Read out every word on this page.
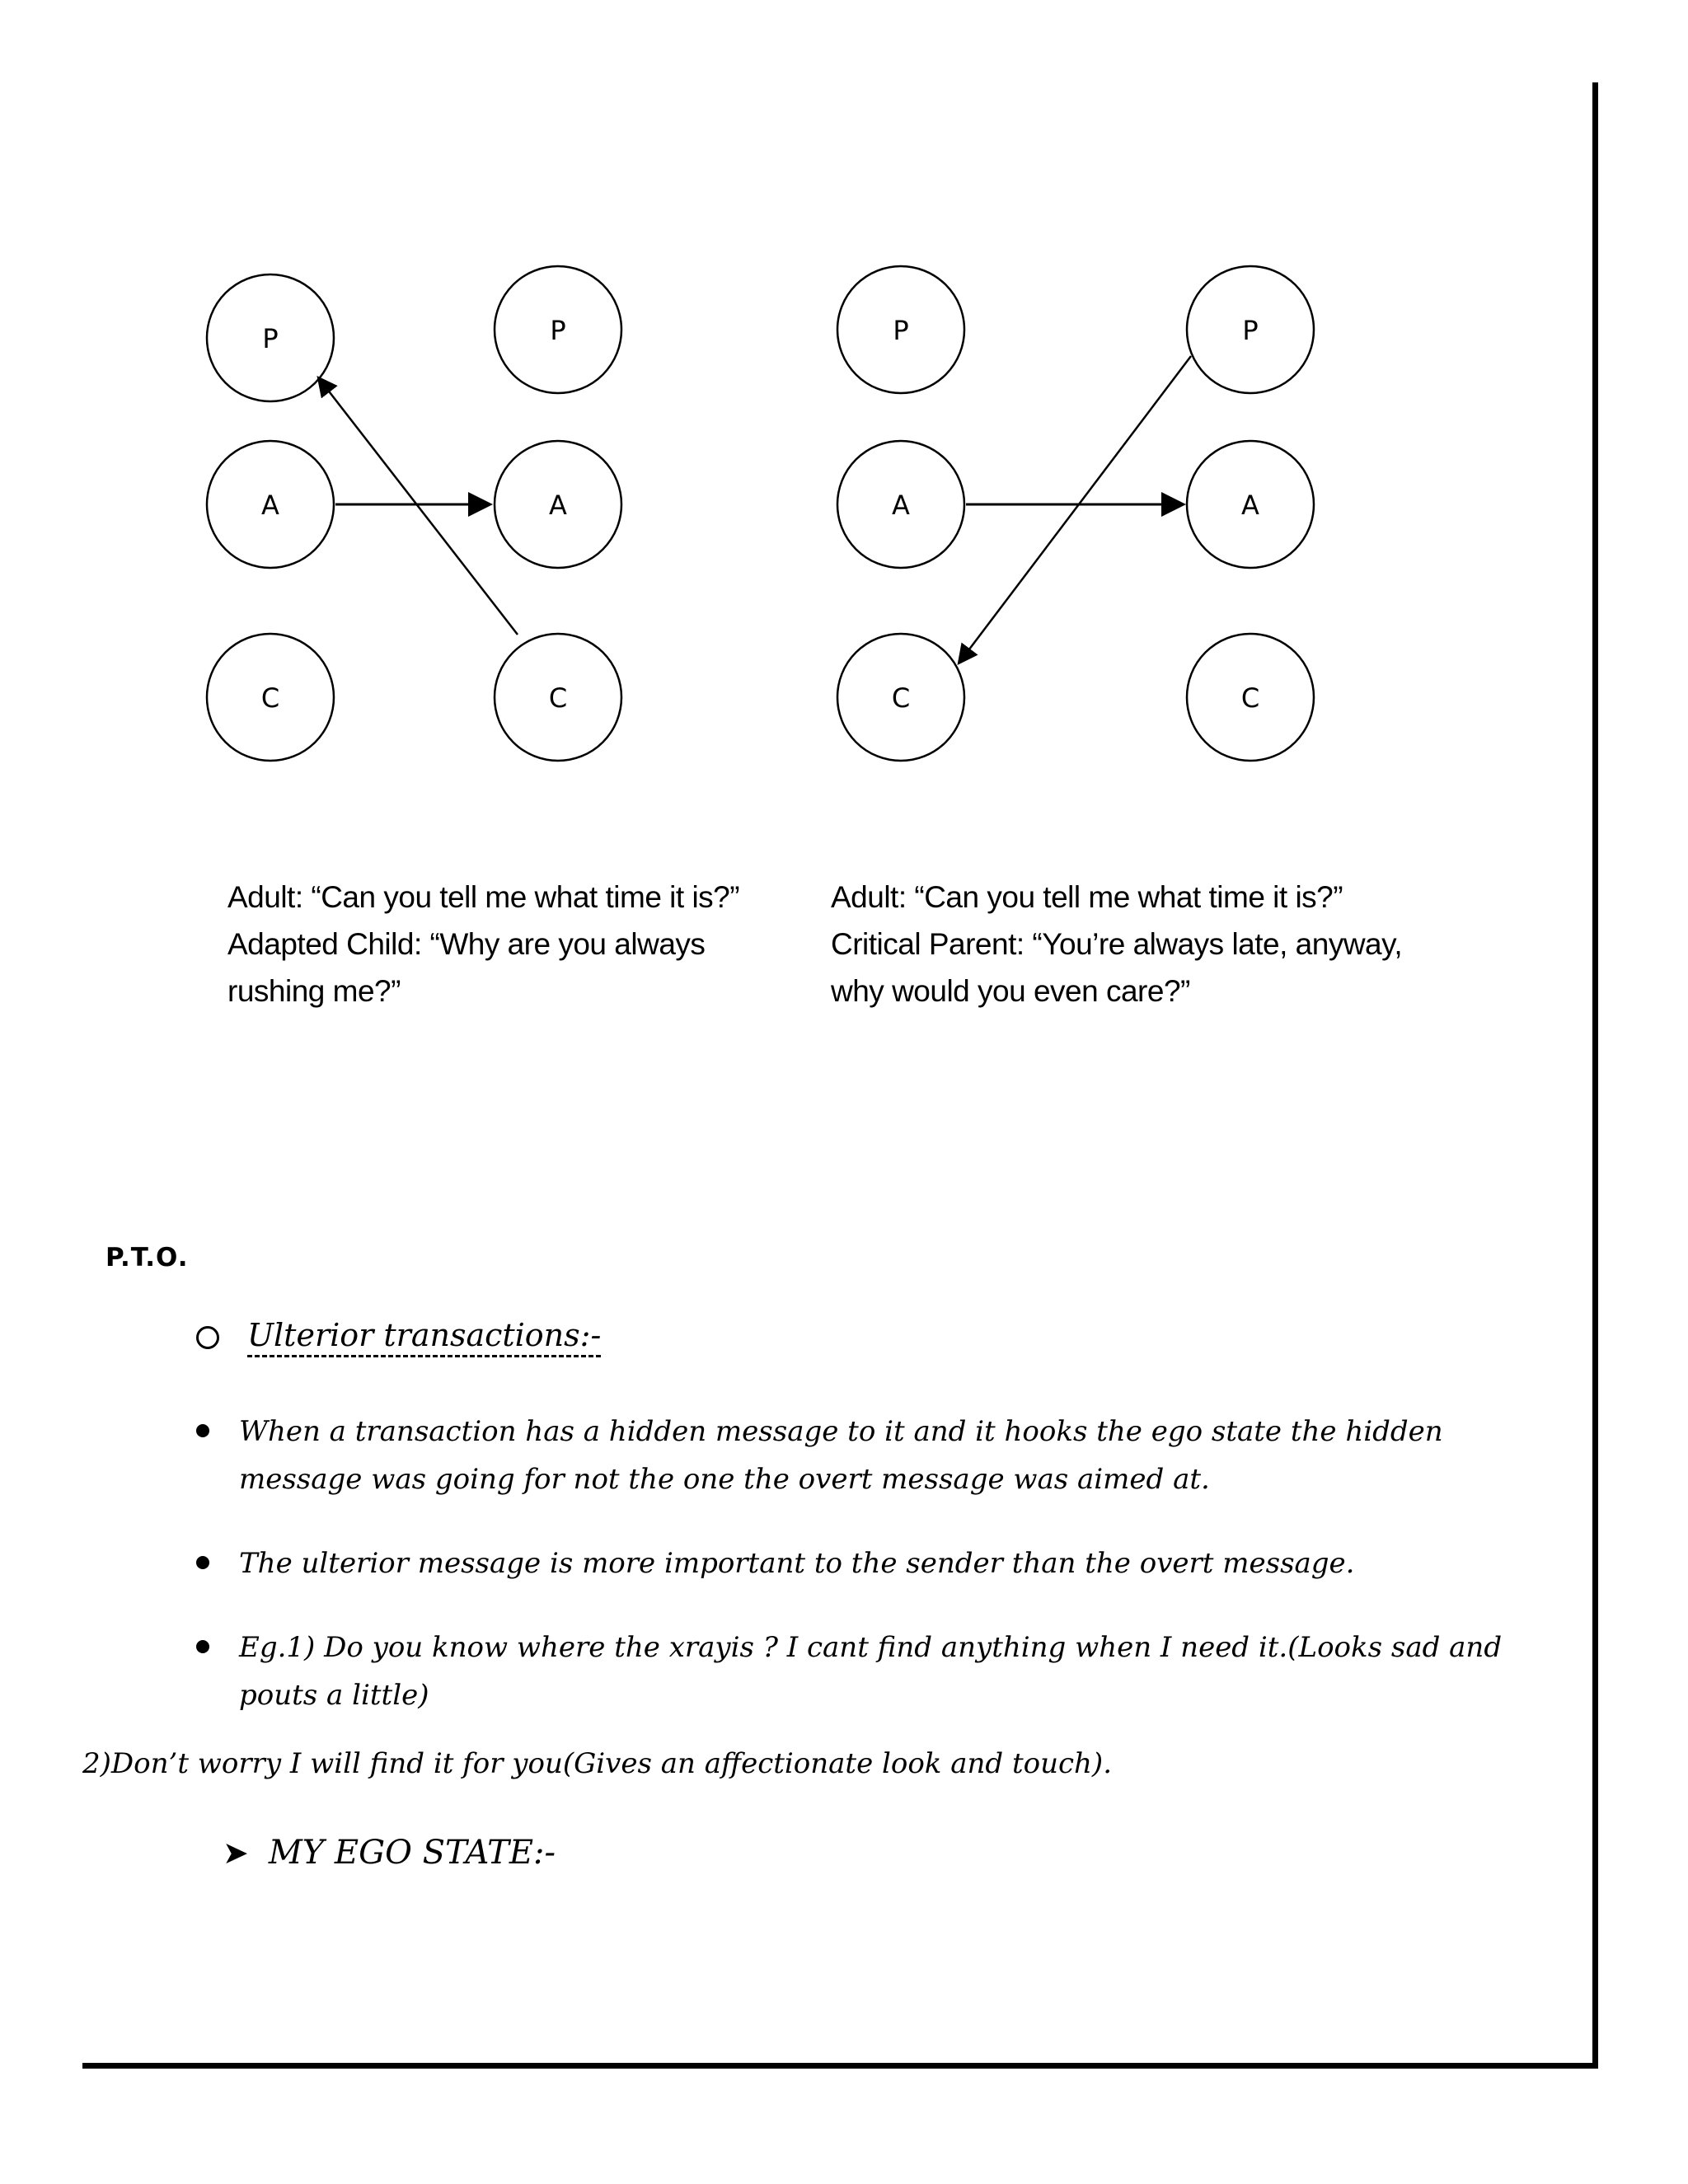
P
A
C
P
A
C
P
A
C
P
A
C
Adult: “Can you tell me what time it is?”
Adapted Child: “Why are you always
rushing me?”
Adult: “Can you tell me what time it is?”
Critical Parent: “You’re always late, anyway,
why would you even care?”
P.T.O.
Ulterior transactions:-
When a transaction has a hidden message to it and it hooks the ego state the hidden message was going for not the one the overt message was aimed at.
The ulterior message is more important to the sender than the overt message.
Eg.1) Do you know where the xrayis ? I cant find anything when I need it.(Looks sad and pouts a little)
2)Don’t worry I will find it for you(Gives an affectionate look and touch).
➤ MY EGO STATE:-
